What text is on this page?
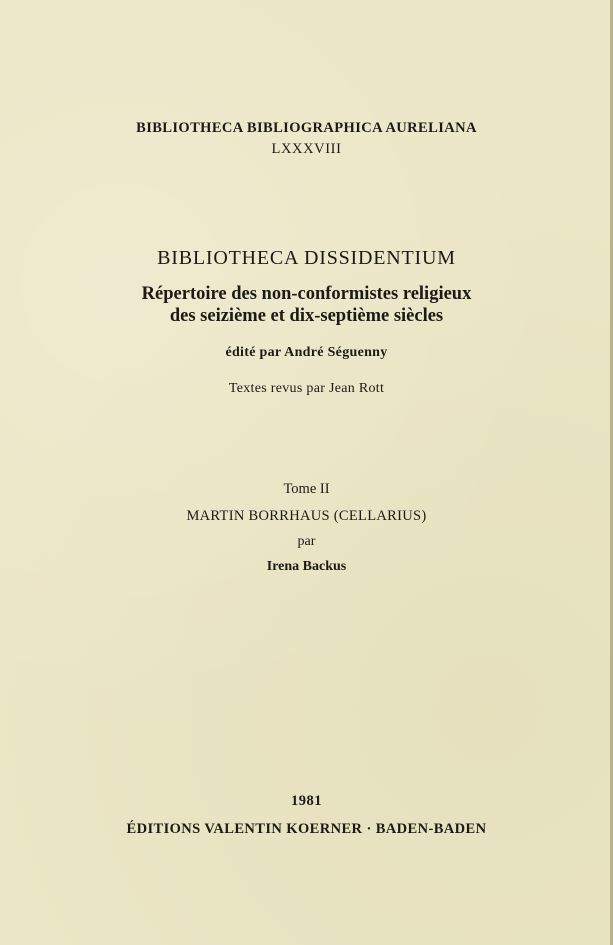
BIBLIOTHECA BIBLIOGRAPHICA AURELIANA
LXXXVIII
BIBLIOTHECA DISSIDENTIUM
Répertoire des non-conformistes religieux
des seizième et dix-septième siècles
édité par André Séguenny
Textes revus par Jean Rott
Tome II
MARTIN BORRHAUS (CELLARIUS)
par
Irena Backus
1981
ÉDITIONS VALENTIN KOERNER · BADEN-BADEN
